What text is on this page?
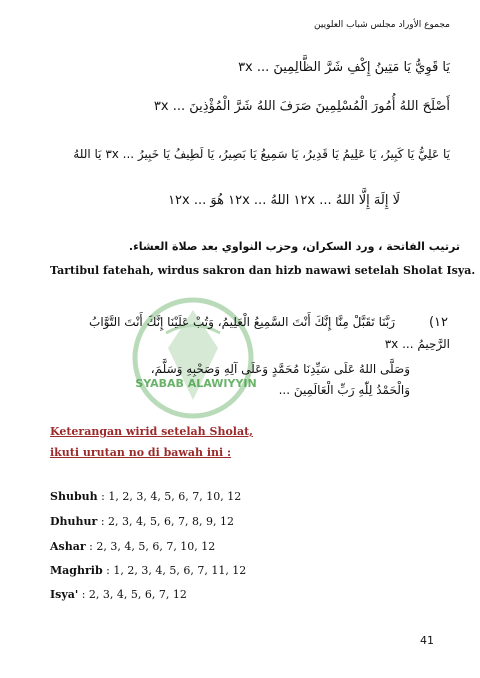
مجموع الأوراد مجلس شباب العلويين
يَا قَوِيُّ يَا مَتِينُ إِكْفِ شَرَّ الظَّالِمِينَ ... ٣x
أَصْلَحَ اللهُ أُمُورَ الْمُسْلِمِينَ صَرَفَ اللهُ شَرَّ الْمُؤْذِينَ ... ٣x
يَا عَلِيُّ يَا كَبِيرُ، يَا عَلِيمُ يَا قَدِيرُ، يَا سَمِيعُ يَا بَصِيرُ، يَا لَطِيفُ يَا خَبِيرُ ... ٣x يَا اللهُ
لَا إِلَهَ إِلَّا اللهُ ... ١٢x اللهُ ... ١٢x هُوَ ... ١٢x
ترتيب الفاتحة ، ورد السكران، وحزب النواوي بعد صلاة العشاء.
Tartibul fatehah, wirdus sakron dan hizb nawawi setelah Sholat Isya.
SYABAB ALAWIYYIN
١٢)
رَبَّنَا تَقَبَّلْ مِنَّا إِنَّكَ أَنْتَ السَّمِيعُ الْعَلِيمُ، وَتُبْ عَلَيْنَا إِنَّكَ أَنْتَ التَّوَّابُ
الرَّحِيمُ ... ٣x
وَصَلَّى اللهُ عَلَى سَيِّدِنَا مُحَمَّدٍ وَعَلَى آلِهِ وَصَحْبِهِ وَسَلَّمَ،
وَالْحَمْدُ لِلّٰهِ رَبِّ الْعَالَمِينَ ...
Keterangan wirid setelah Sholat,
ikuti urutan no di bawah ini :
Shubuh : 1, 2, 3, 4, 5, 6, 7, 10, 12
Dhuhur : 2, 3, 4, 5, 6, 7, 8, 9, 12
Ashar : 2, 3, 4, 5, 6, 7, 10, 12
Maghrib : 1, 2, 3, 4, 5, 6, 7, 11, 12
Isya' : 2, 3, 4, 5, 6, 7, 12
41
